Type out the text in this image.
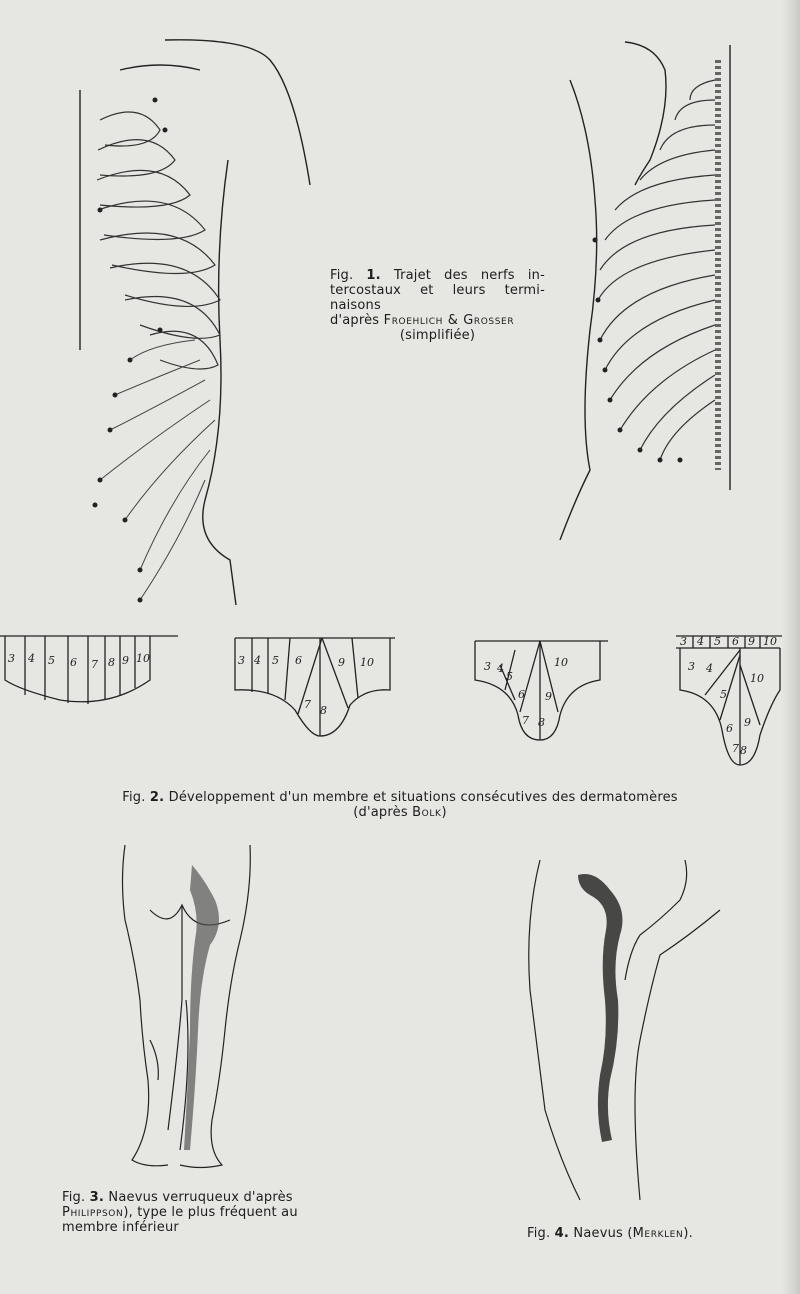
3 4 5 6 7 8 9 10	3 4 5 6	9 10
7 8
3 4
5
10
6 9
7 8
3 4 5 6 9 10
3 4
10
5
6 9
7 8
Fig. 1. Trajet des nerfs in-
tercostaux et leurs termi-
naisons
d'après Froehlich & Grosser
(simplifiée)
Fig. 2. Développement d'un membre et situations consécutives des dermatomères
(d'après Bolk)
Fig. 3. Naevus verruqueux d'après
Philippson), type le plus fréquent au
membre inférieur	Fig. 4. Naevus (Merklen).
